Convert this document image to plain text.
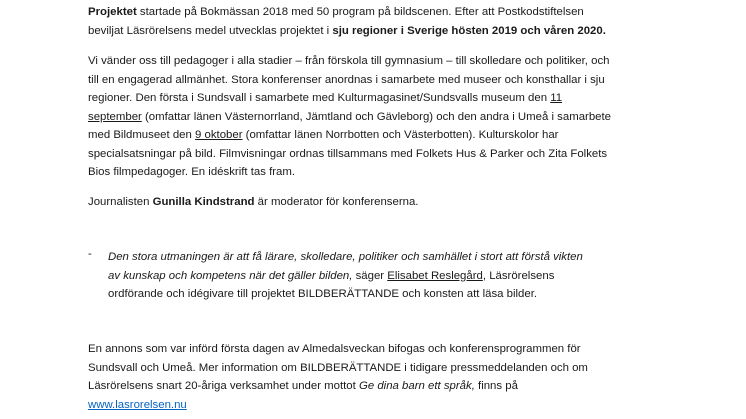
Projektet startade på Bokmässan 2018 med 50 program på bildscenen. Efter att Postkodstiftelsen

beviljat Läsrörelsens medel utvecklas projektet i sju regioner i Sverige hösten 2019 och våren 2020.

Vi vänder oss till pedagoger i alla stadier – från förskola till gymnasium – till skolledare och politiker, och

till en engagerad allmänhet. Stora konferenser anordnas i samarbete med museer och konsthallar i sju

regioner. Den första i Sundsvall i samarbete med Kulturmagasinet/Sundsvalls museum den 11

september (omfattar länen Västernorrland, Jämtland och Gävleborg) och den andra i Umeå i samarbete

med Bildmuseet den 9 oktober (omfattar länen Norrbotten och Västerbotten). Kulturskolor har

specialsatsningar på bild. Filmvisningar ordnas tillsammans med Folkets Hus & Parker och Zita Folkets

Bios filmpedagoger. En idéskrift tas fram.

Journalisten Gunilla Kindstrand är moderator för konferenserna.

- Den stora utmaningen är att få lärare, skolledare, politiker och samhället i stort att förstå vikten

av kunskap och kompetens när det gäller bilden, säger Elisabet Reslegård, Läsrörelsens

ordförande och idégivare till projektet BILDBERÄTTANDE och konsten att läsa bilder.

En annons som var införd första dagen av Almedalsveckan bifogas och konferensprogrammen för

Sundsvall och Umeå. Mer information om BILDBERÄTTANDE i tidigare pressmeddelanden och om

Läsrörelsens snart 20-åriga verksamhet under mottot Ge dina barn ett språk, finns på

www.lasrorelsen.nu
